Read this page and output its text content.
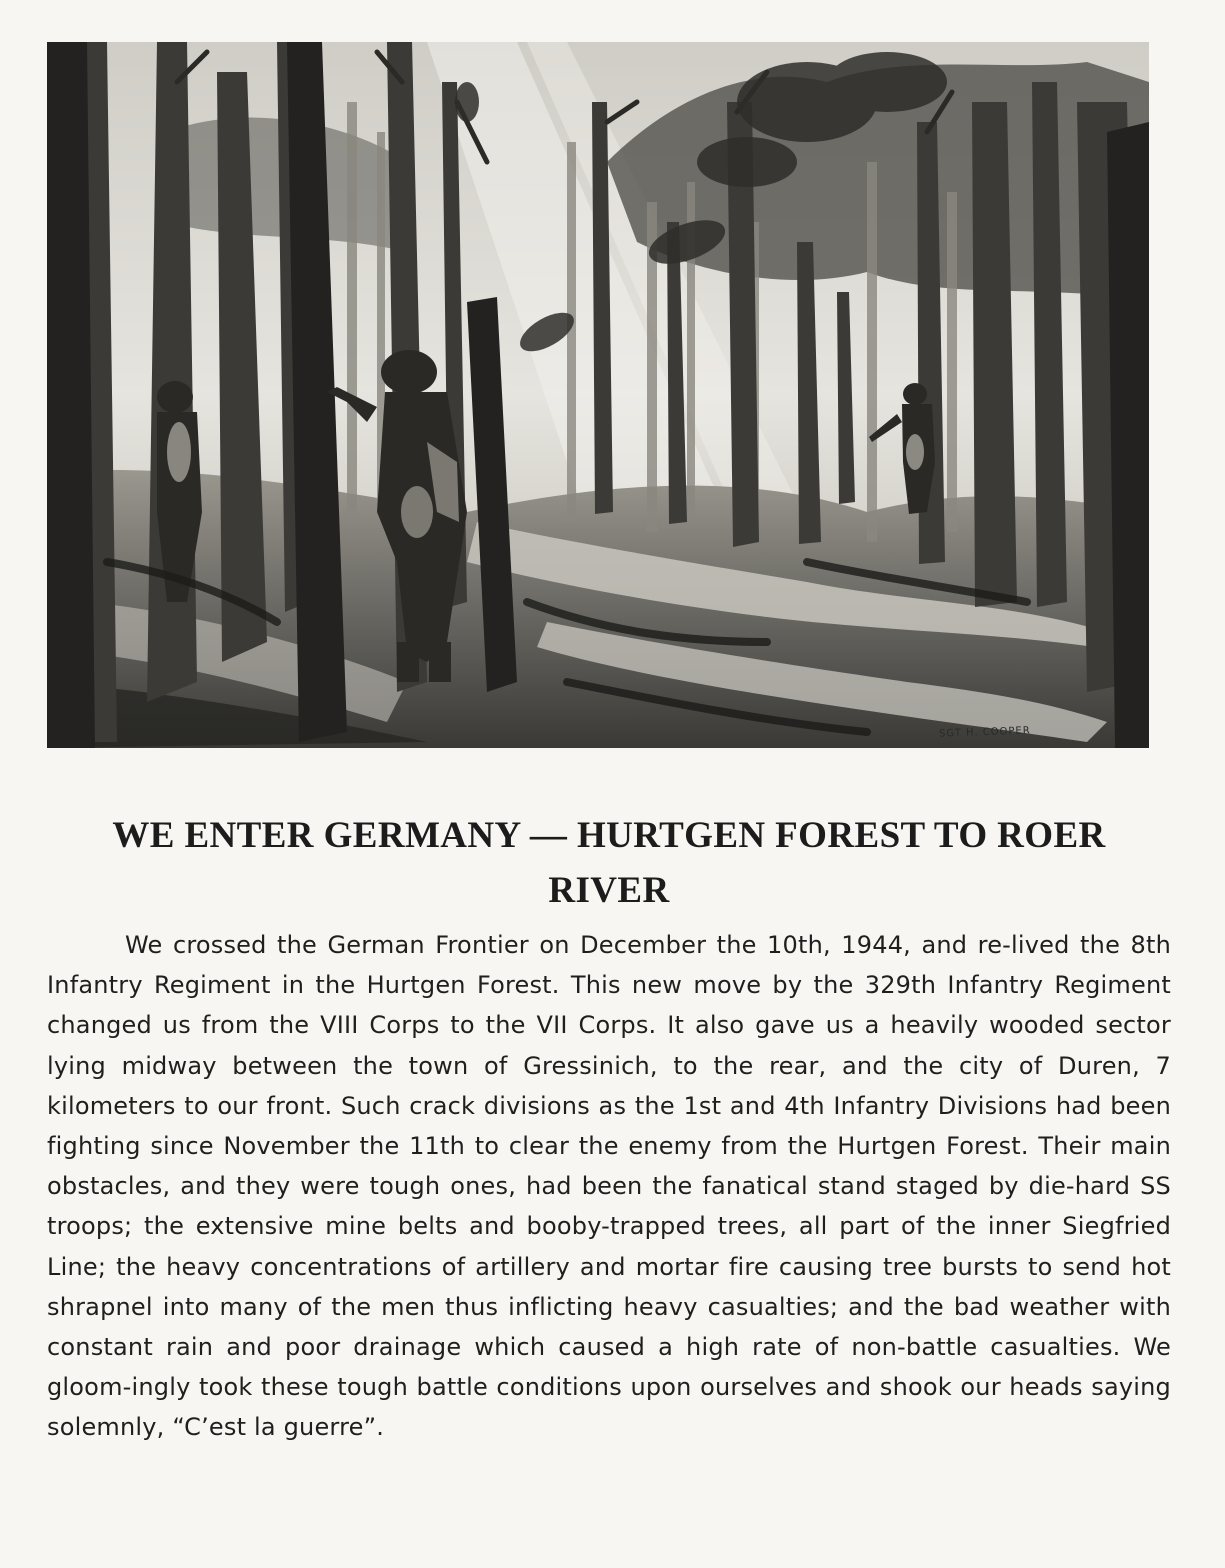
SGT H. COOPER
WE ENTER GERMANY — HURTGEN FOREST TO ROER RIVER

We crossed the German Frontier on December the 10th, 1944, and re-lived the 8th Infantry Regiment in the Hurtgen Forest. This new move by the 329th Infantry Regiment changed us from the VIII Corps to the VII Corps. It also gave us a heavily wooded sector lying midway between the town of Gressinich, to the rear, and the city of Duren, 7 kilometers to our front. Such crack divisions as the 1st and 4th Infantry Divisions had been fighting since November the 11th to clear the enemy from the Hurtgen Forest. Their main obstacles, and they were tough ones, had been the fanatical stand staged by die-hard SS troops; the extensive mine belts and booby-trapped trees, all part of the inner Siegfried Line; the heavy concentrations of artillery and mortar fire causing tree bursts to send hot shrapnel into many of the men thus inflicting heavy casualties; and the bad weather with constant rain and poor drainage which caused a high rate of non-battle casualties. We gloom-ingly took these tough battle conditions upon ourselves and shook our heads saying solemnly, “C’est la guerre”.
